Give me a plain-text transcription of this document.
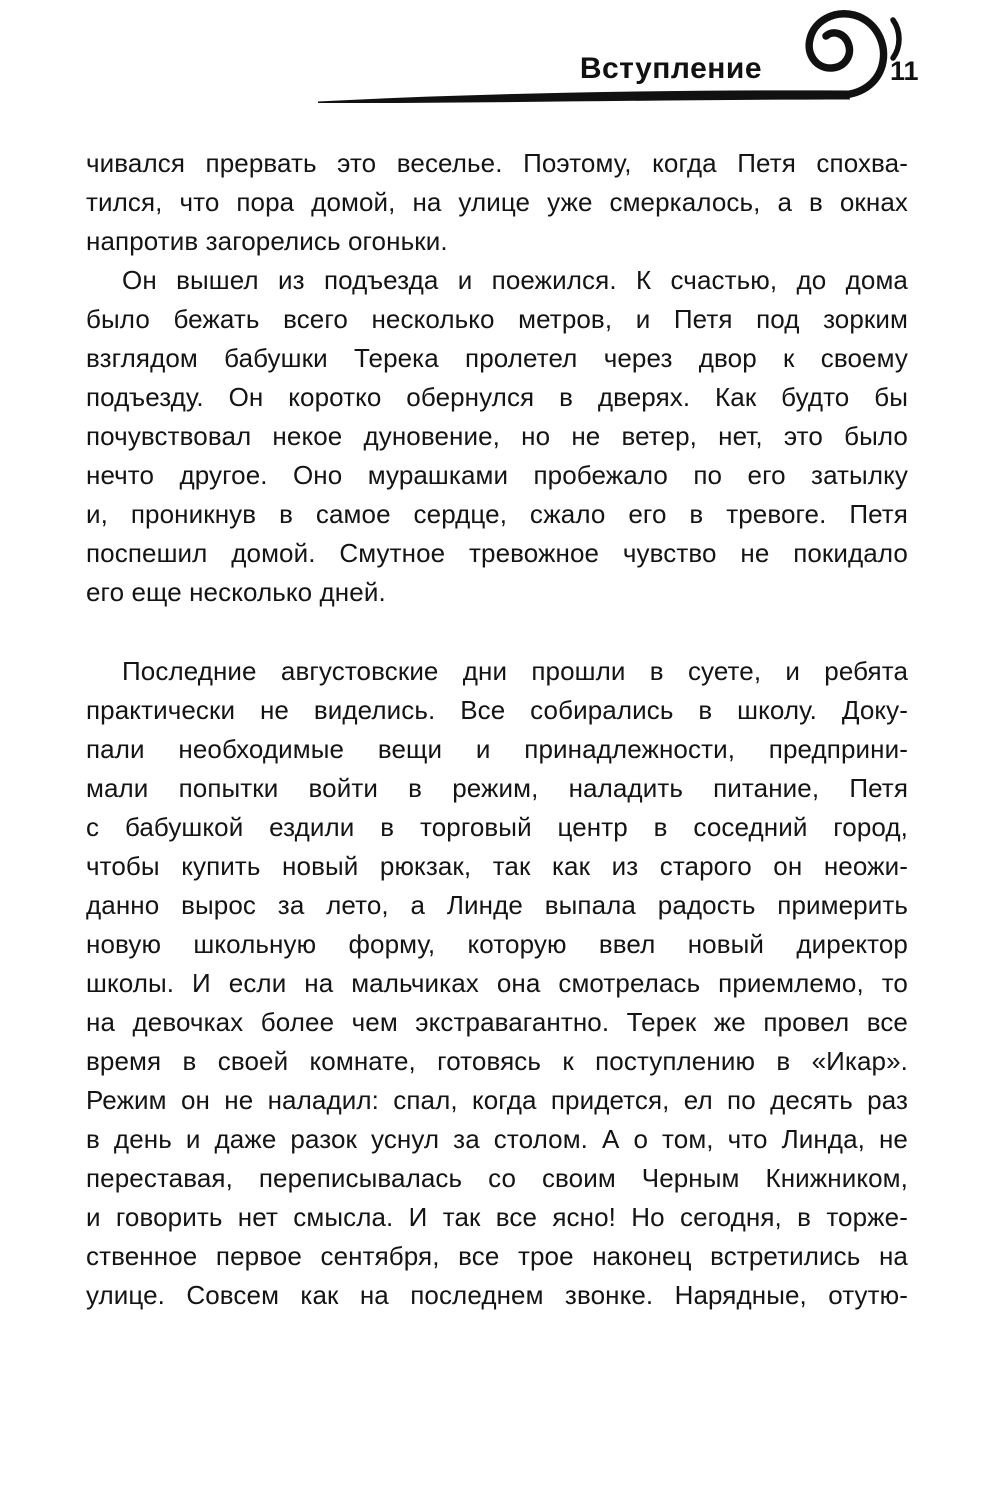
Вступление	11
чивался прервать это веселье. Поэтому, когда Петя спохва-
тился, что пора домой, на улице уже смеркалось, а в окнах
напротив загорелись огоньки.
Он вышел из подъезда и поежился. К счастью, до дома
было бежать всего несколько метров, и Петя под зорким
взглядом бабушки Терека пролетел через двор к своему
подъезду. Он коротко обернулся в дверях. Как будто бы
почувствовал некое дуновение, но не ветер, нет, это было
нечто другое. Оно мурашками пробежало по его затылку
и, проникнув в самое сердце, сжало его в тревоге. Петя
поспешил домой. Смутное тревожное чувство не покидало
его еще несколько дней.
Последние августовские дни прошли в суете, и ребята
практически не виделись. Все собирались в школу. Доку-
пали необходимые вещи и принадлежности, предприни-
мали попытки войти в режим, наладить питание, Петя
с бабушкой ездили в торговый центр в соседний город,
чтобы купить новый рюкзак, так как из старого он неожи-
данно вырос за лето, а Линде выпала радость примерить
новую школьную форму, которую ввел новый директор
школы. И если на мальчиках она смотрелась приемлемо, то
на девочках более чем экстравагантно. Терек же провел все
время в своей комнате, готовясь к поступлению в «Икар».
Режим он не наладил: спал, когда придется, ел по десять раз
в день и даже разок уснул за столом. А о том, что Линда, не
переставая, переписывалась со своим Черным Книжником,
и говорить нет смысла. И так все ясно! Но сегодня, в торже-
ственное первое сентября, все трое наконец встретились на
улице. Совсем как на последнем звонке. Нарядные, отутю-
